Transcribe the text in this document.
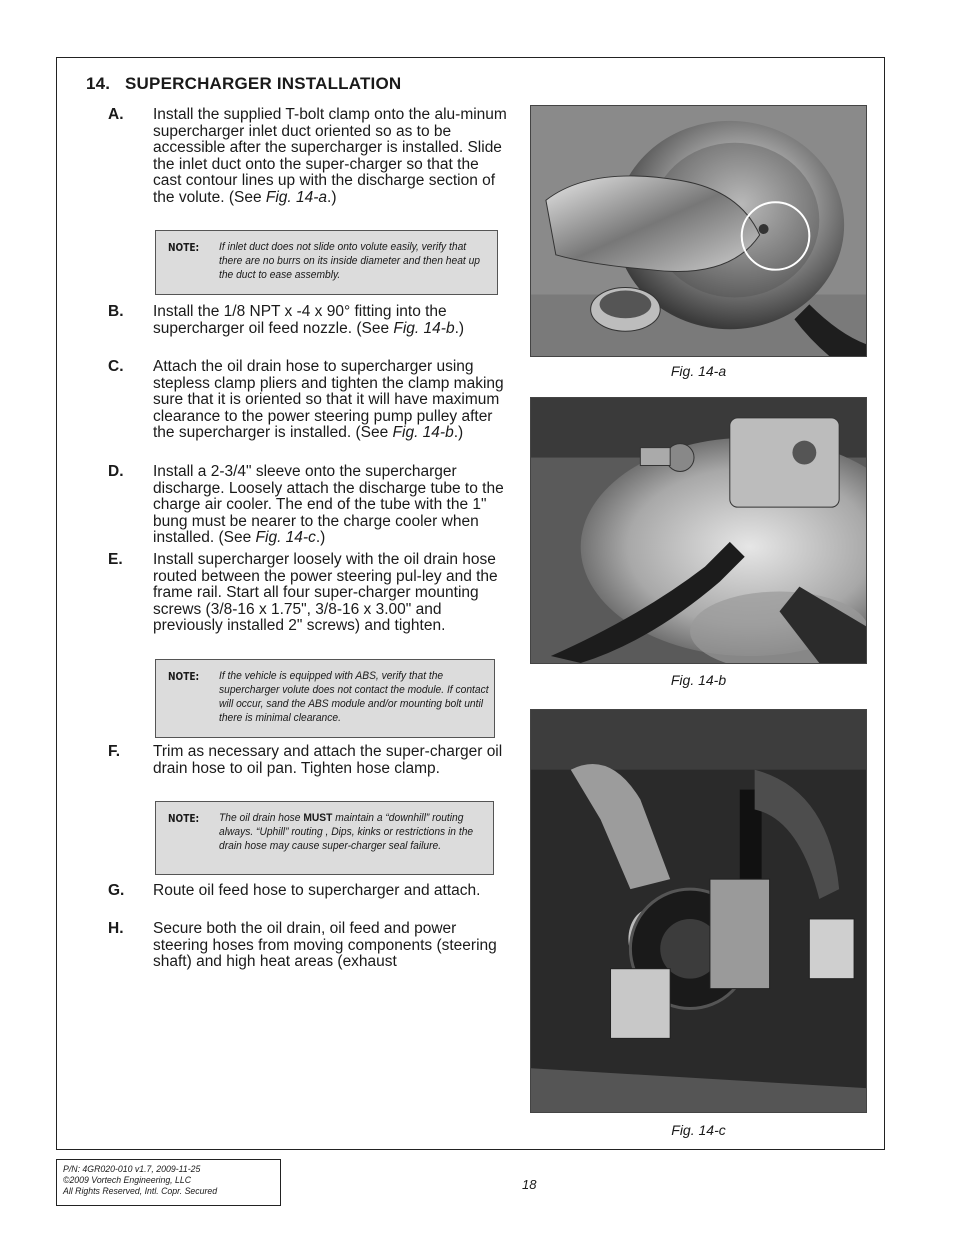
14. SUPERCHARGER INSTALLATION
A. Install the supplied T-bolt clamp onto the alu-minum supercharger inlet duct oriented so as to be accessible after the supercharger is installed. Slide the inlet duct onto the super-charger so that the cast contour lines up with the discharge section of the volute. (See Fig. 14-a.)
NOTE: If inlet duct does not slide onto volute easily, verify that there are no burrs on its inside diameter and then heat up the duct to ease assembly.
B. Install the 1/8 NPT x -4 x 90° fitting into the supercharger oil feed nozzle. (See Fig. 14-b.)
C. Attach the oil drain hose to supercharger using stepless clamp pliers and tighten the clamp making sure that it is oriented so that it will have maximum clearance to the power steering pump pulley after the supercharger is installed. (See Fig. 14-b.)
D. Install a 2-3/4" sleeve onto the supercharger discharge. Loosely attach the discharge tube to the charge air cooler. The end of the tube with the 1" bung must be nearer to the charge cooler when installed. (See Fig. 14-c.)
E. Install supercharger loosely with the oil drain hose routed between the power steering pul-ley and the frame rail. Start all four super-charger mounting screws (3/8-16 x 1.75", 3/8-16 x 3.00" and previously installed 2" screws) and tighten.
NOTE: If the vehicle is equipped with ABS, verify that the supercharger volute does not contact the module. If contact will occur, sand the ABS module and/or mounting bolt until there is minimal clearance.
F. Trim as necessary and attach the super-charger oil drain hose to oil pan. Tighten hose clamp.
NOTE: The oil drain hose MUST maintain a “downhill” routing always. “Uphill” routing , Dips, kinks or restrictions in the drain hose may cause super-charger seal failure.
G. Route oil feed hose to supercharger and attach.
H. Secure both the oil drain, oil feed and power steering hoses from moving components (steering shaft) and high heat areas (exhaust
Fig. 14-a
Fig. 14-b
Fig. 14-c
P/N: 4GR020-010 v1.7, 2009-11-25
©2009 Vortech Engineering, LLC
All Rights Reserved, Intl. Copr. Secured	18
